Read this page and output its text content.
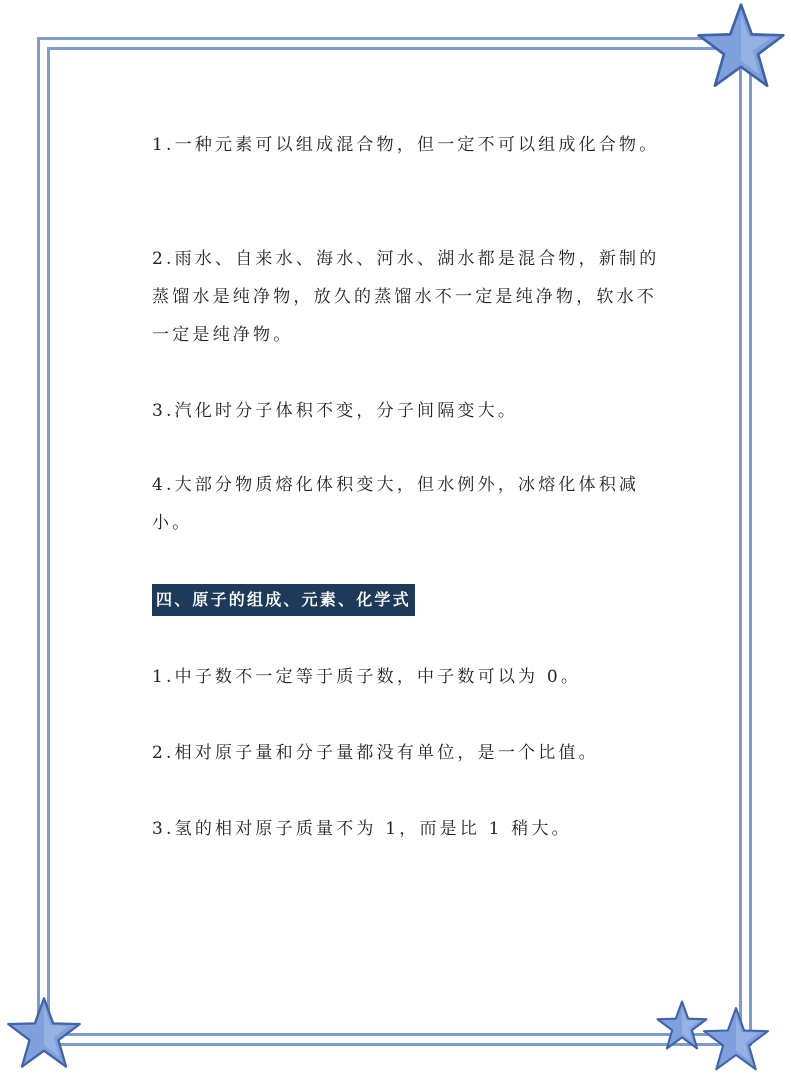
1.一种元素可以组成混合物，但一定不可以组成化合物。

2.雨水、自来水、海水、河水、湖水都是混合物，新制的蒸馏水是纯净物，放久的蒸馏水不一定是纯净物，软水不一定是纯净物。

3.汽化时分子体积不变，分子间隔变大。

4.大部分物质熔化体积变大，但水例外，冰熔化体积减小。

四、原子的组成、元素、化学式

1.中子数不一定等于质子数，中子数可以为 0。

2.相对原子量和分子量都没有单位，是一个比值。

3.氢的相对原子质量不为 1，而是比 1 稍大。
